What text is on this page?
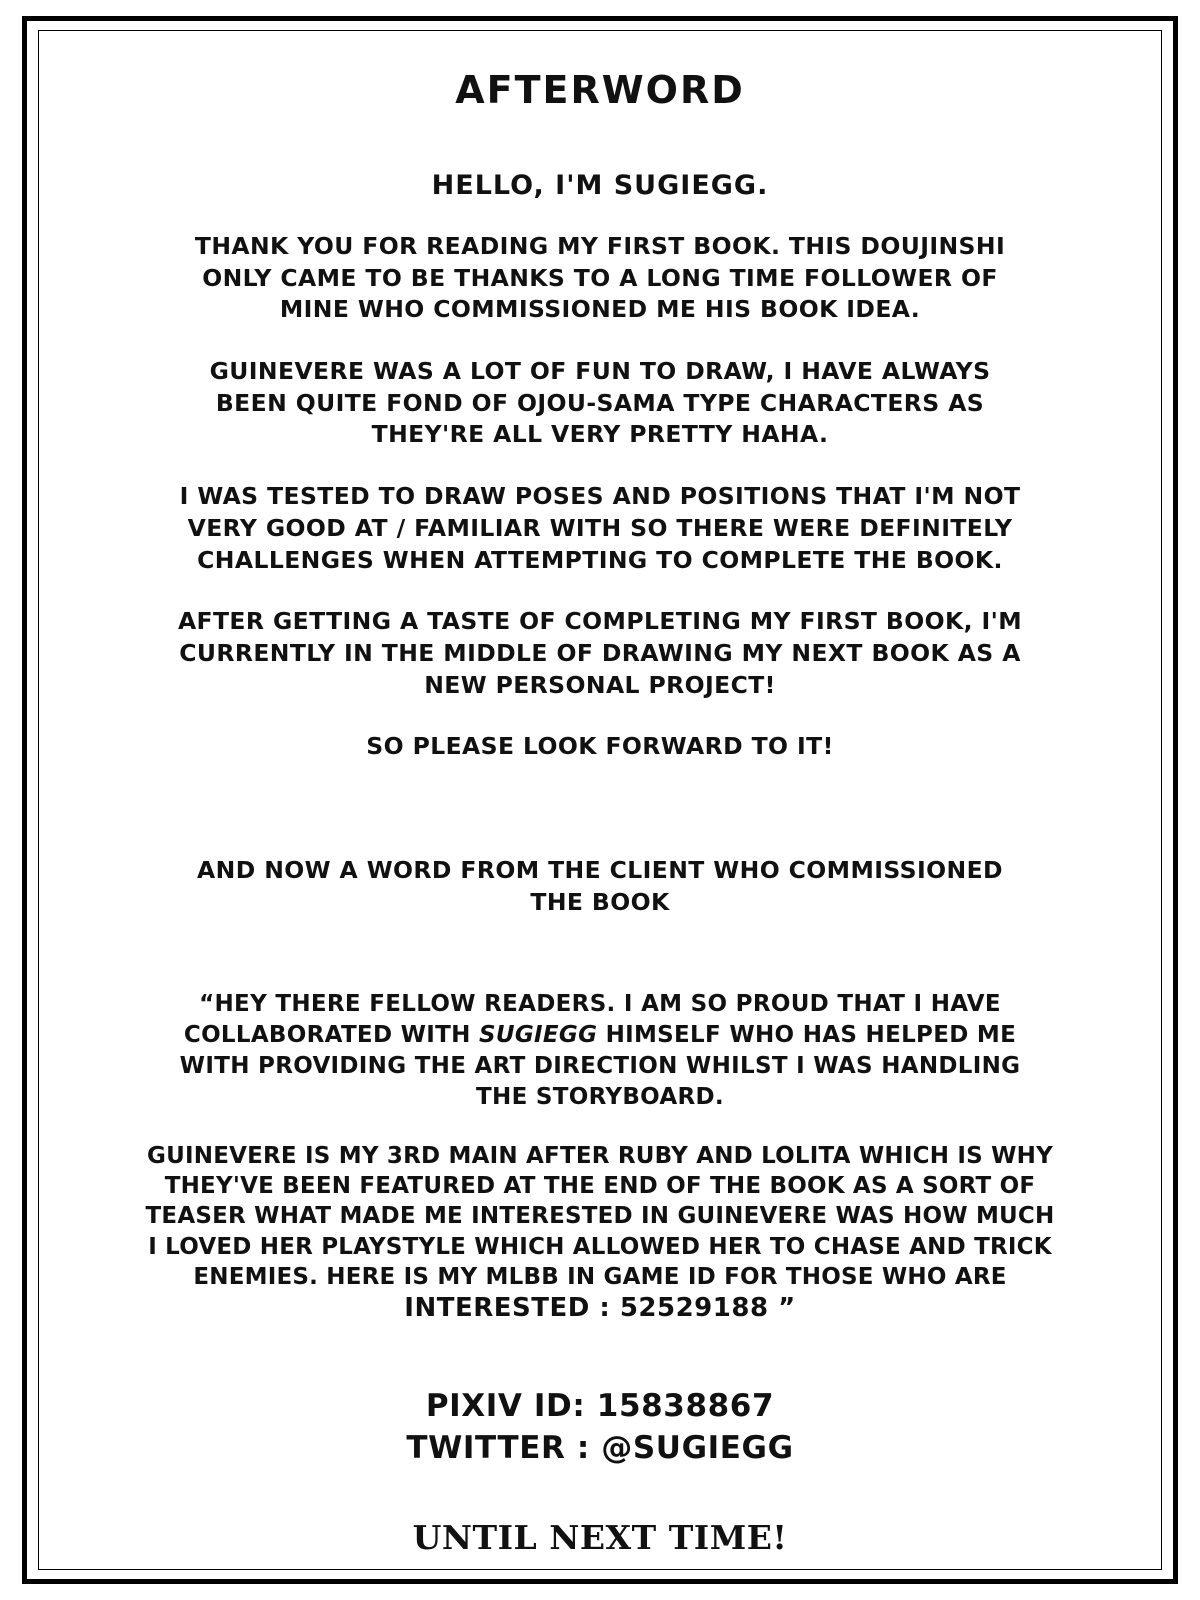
AFTERWORD
HELLO, I'M SUGIEGG.
THANK YOU FOR READING MY FIRST BOOK. THIS DOUJINSHI ONLY CAME TO BE THANKS TO A LONG TIME FOLLOWER OF MINE WHO COMMISSIONED ME HIS BOOK IDEA.
GUINEVERE WAS A LOT OF FUN TO DRAW, I HAVE ALWAYS BEEN QUITE FOND OF OJOU-SAMA TYPE CHARACTERS AS THEY'RE ALL VERY PRETTY HAHA.
I WAS TESTED TO DRAW POSES AND POSITIONS THAT I'M NOT VERY GOOD AT / FAMILIAR WITH SO THERE WERE DEFINITELY CHALLENGES WHEN ATTEMPTING TO COMPLETE THE BOOK.
AFTER GETTING A TASTE OF COMPLETING MY FIRST BOOK, I'M CURRENTLY IN THE MIDDLE OF DRAWING MY NEXT BOOK AS A NEW PERSONAL PROJECT!
SO PLEASE LOOK FORWARD TO IT!
AND NOW A WORD FROM THE CLIENT WHO COMMISSIONED THE BOOK
“HEY THERE FELLOW READERS. I AM SO PROUD THAT I HAVE COLLABORATED WITH SUGIEGG HIMSELF WHO HAS HELPED ME WITH PROVIDING THE ART DIRECTION WHILST I WAS HANDLING THE STORYBOARD.
GUINEVERE IS MY 3RD MAIN AFTER RUBY AND LOLITA WHICH IS WHY THEY'VE BEEN FEATURED AT THE END OF THE BOOK AS A SORT OF TEASER WHAT MADE ME INTERESTED IN GUINEVERE WAS HOW MUCH I LOVED HER PLAYSTYLE WHICH ALLOWED HER TO CHASE AND TRICK ENEMIES. HERE IS MY MLBB IN GAME ID FOR THOSE WHO ARE
INTERESTED : 52529188 ”
PIXIV ID: 15838867
TWITTER : @SUGIEGG
UNTIL NEXT TIME!
